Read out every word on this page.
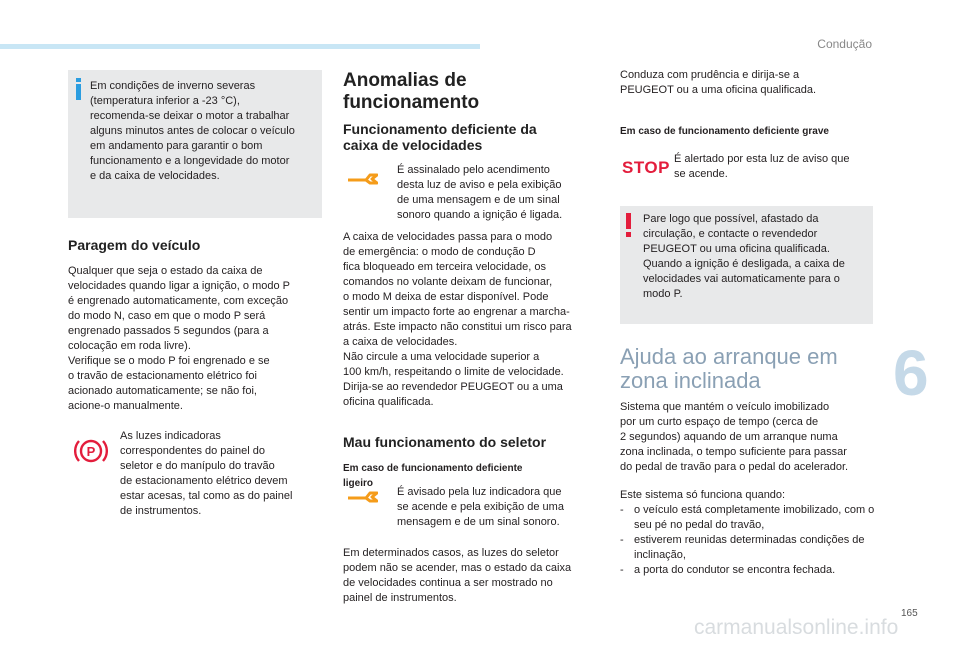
Condução

Em condições de inverno severas

(temperatura inferior a -23 °C),

recomenda-se deixar o motor a trabalhar

alguns minutos antes de colocar o veículo

em andamento para garantir o bom

funcionamento e a longevidade do motor

e da caixa de velocidades.

Paragem do veículo

Qualquer que seja o estado da caixa de

velocidades quando ligar a ignição, o modo P

é engrenado automaticamente, com exceção

do modo N, caso em que o modo P será

engrenado passados 5 segundos (para a

colocação em roda livre).

Verifique se o modo P foi engrenado e se

o travão de estacionamento elétrico foi

acionado automaticamente; se não foi,

acione-o manualmente.

P

As luzes indicadoras

correspondentes do painel do

seletor e do manípulo do travão

de estacionamento elétrico devem

estar acesas, tal como as do painel

de instrumentos.

Anomalias de
funcionamento
Funcionamento deficiente da
caixa de velocidades

É assinalado pelo acendimento

desta luz de aviso e pela exibição

de uma mensagem e de um sinal

sonoro quando a ignição é ligada.

A caixa de velocidades passa para o modo

de emergência: o modo de condução D

fica bloqueado em terceira velocidade, os

comandos no volante deixam de funcionar,

o modo M deixa de estar disponível. Pode

sentir um impacto forte ao engrenar a marcha-

atrás. Este impacto não constitui um risco para

a caixa de velocidades.

Não circule a uma velocidade superior a

100 km/h, respeitando o limite de velocidade.

Dirija-se ao revendedor PEUGEOT ou a uma

oficina qualificada.

Mau funcionamento do seletor
Em caso de funcionamento deficiente
ligeiro

É avisado pela luz indicadora que

se acende e pela exibição de uma

mensagem e de um sinal sonoro.

Em determinados casos, as luzes do seletor

podem não se acender, mas o estado da caixa

de velocidades continua a ser mostrado no

painel de instrumentos.

Conduza com prudência e dirija-se a

PEUGEOT ou a uma oficina qualificada.

Em caso de funcionamento deficiente grave
STOP É alertado por esta luz de aviso que

se acende.

Pare logo que possível, afastado da

circulação, e contacte o revendedor

PEUGEOT ou uma oficina qualificada.

Quando a ignição é desligada, a caixa de

velocidades vai automaticamente para o

modo P.

Ajuda ao arranque em
zona inclinada

Sistema que mantém o veículo imobilizado

por um curto espaço de tempo (cerca de

2 segundos) aquando de um arranque numa

zona inclinada, o tempo suficiente para passar

do pedal de travão para o pedal do acelerador.

Este sistema só funciona quando:

- o veículo está completamente imobilizado, com o seu pé no pedal do travão,
- estiverem reunidas determinadas condições de inclinação,
- a porta do condutor se encontra fechada.
6
165
carmanualsonline.info
